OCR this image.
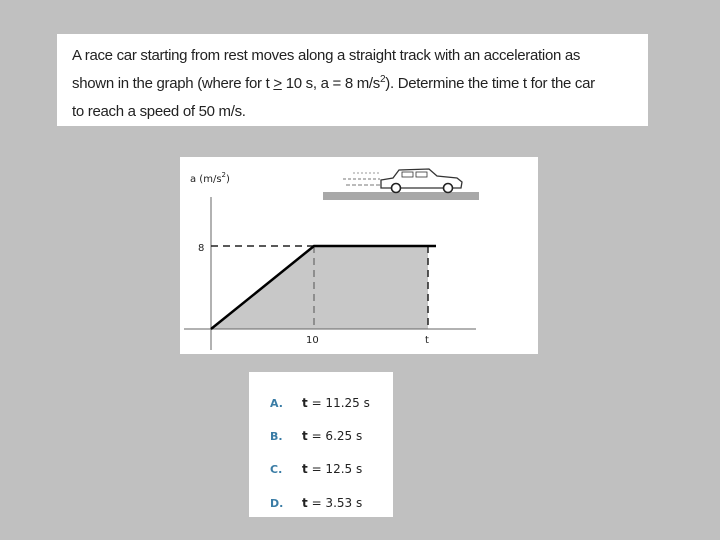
A race car starting from rest moves along a straight track with an acceleration as
shown in the graph (where for t ≥ 10 s, a = 8 $m/s^2$). Determine the time t for the car
to reach a speed of 50 m/s.
a $(m/s^2)$
8
10	t
A. t = 11.25 s
B. t = 6.25 s
C. t = 12.5 s
D. t = 3.53 s
